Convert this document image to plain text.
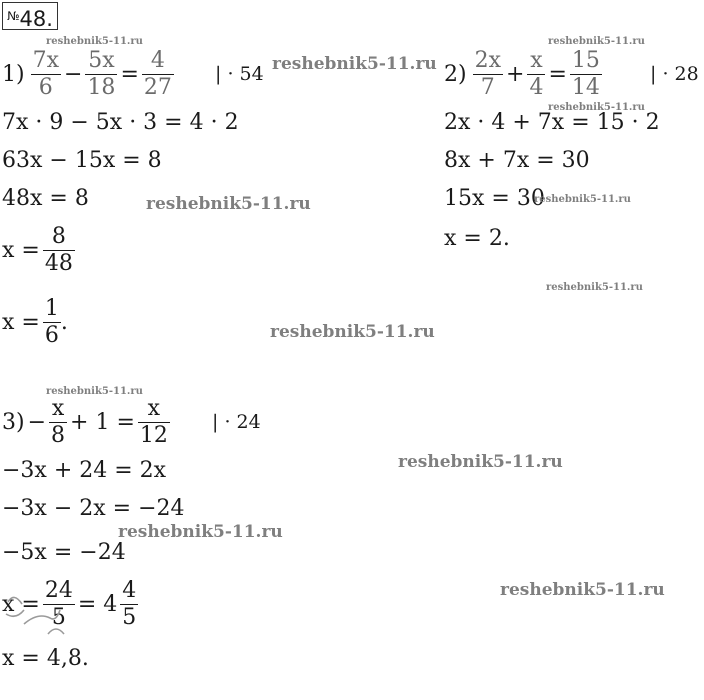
№48.
$1) \frac{7x}{6} - \frac{5x}{18} = \frac{4}{27}$ | · 54
7x · 9 − 5x · 3 = 4 · 2
63x − 15x = 8
48x = 8
$x = \frac{8}{48}$
$x = \frac{1}{6}$ .
$2) \frac{2x}{7} + \frac{x}{4} = \frac{15}{14}$	| · 28
2x · 4 + 7x = 15 · 2
8x + 7x = 30
15x = 30
x = 2.
$3) - \frac{x}{8} + 1 = \frac{x}{12}$ | · 24
−3x + 24 = 2x
−3x − 2x = −24
−5x = −24
$x = \frac{24}{5} = 4 \frac{4}{5}$
x = 4,8.
reshebnik5-11.ru
reshebnik5-11.ru
reshebnik5-11.ru
reshebnik5-11.ru
reshebnik5-11.ru	reshebnik5-11.ru
reshebnik5-11.ru
reshebnik5-11.ru
reshebnik5-11.ru
reshebnik5-11.ru
reshebnik5-11.ru
reshebnik5-11.ru
